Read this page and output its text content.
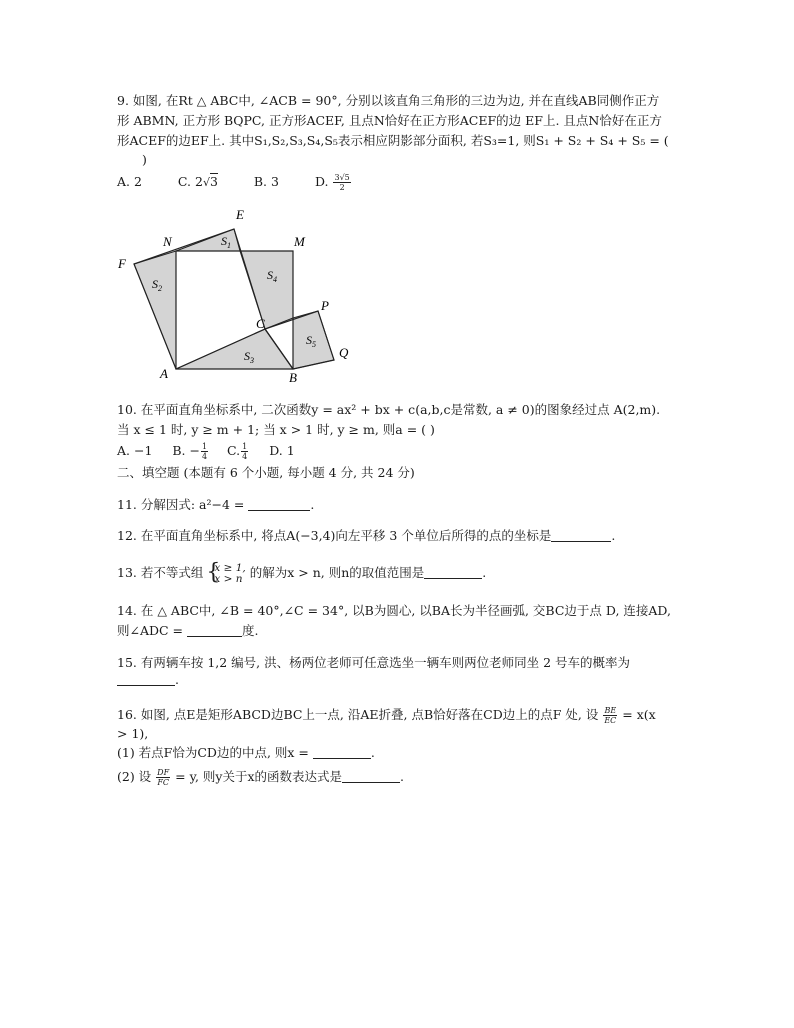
9. 如图, 在Rt △ ABC中, ∠ACB = 90°, 分别以该直角三角形的三边为边, 并在直线AB同侧作正方
形 ABMN, 正方形 BQPC, 正方形ACEF, 且点N恰好在正方形ACEF的边 EF上. 且点N恰好在正方
形ACEF的边EF上. 其中S₁,S₂,S₃,S₄,S₅表示相应阴影部分面积, 若S₃=1, 则S₁ + S₂ + S₄ + S₅ = (
)
A. 2	C. 2√3	B. 3	D. $\frac{3√5}{2}$
E
N	M
F
P
C
Q
A	B
$S_1$
$S_2$
$S_4$
$S_3$
$S_5$
10. 在平面直角坐标系中, 二次函数y = ax² + bx + c(a,b,c是常数, a ≠ 0)的图象经过点 A(2,m).
当 x ≤ 1 时, y ≥ m + 1; 当 x > 1 时, y ≥ m, 则a = ( )
A. −1 B. − $\frac{1}{4} C$. $\frac{1}{4} D$. 1
二、填空题 (本题有 6 个小题, 每小题 4 分, 共 24 分)
11. 分解因式: a²−4 =	.
12. 在平面直角坐标系中, 将点A(−3,4)向左平移 3 个单位后所得的点的坐标是	.
13. 若不等式组
{ x ≥ 1,
x > n 的解为x > n, 则n的取值范围是	.
14. 在 △ ABC中, ∠B = 40°,∠C = 34°, 以B为圆心, 以BA长为半径画弧, 交BC边于点 D, 连接AD,
则∠ADC =	度.
15. 有两辆车按 1,2 编号, 洪、杨两位老师可任意选坐一辆车则两位老师同坐 2 号车的概率为
.
16. 如图, 点E是矩形ABCD边BC上一点, 沿AE折叠, 点B恰好落在CD边上的点F 处, 设 $\frac{BE}{EC} = x(x$
> 1),
(1) 若点F恰为CD边的中点, 则x =	.
(2) 设 $\frac{DF}{FC} = y$, 则y关于x的函数表达式是	.
